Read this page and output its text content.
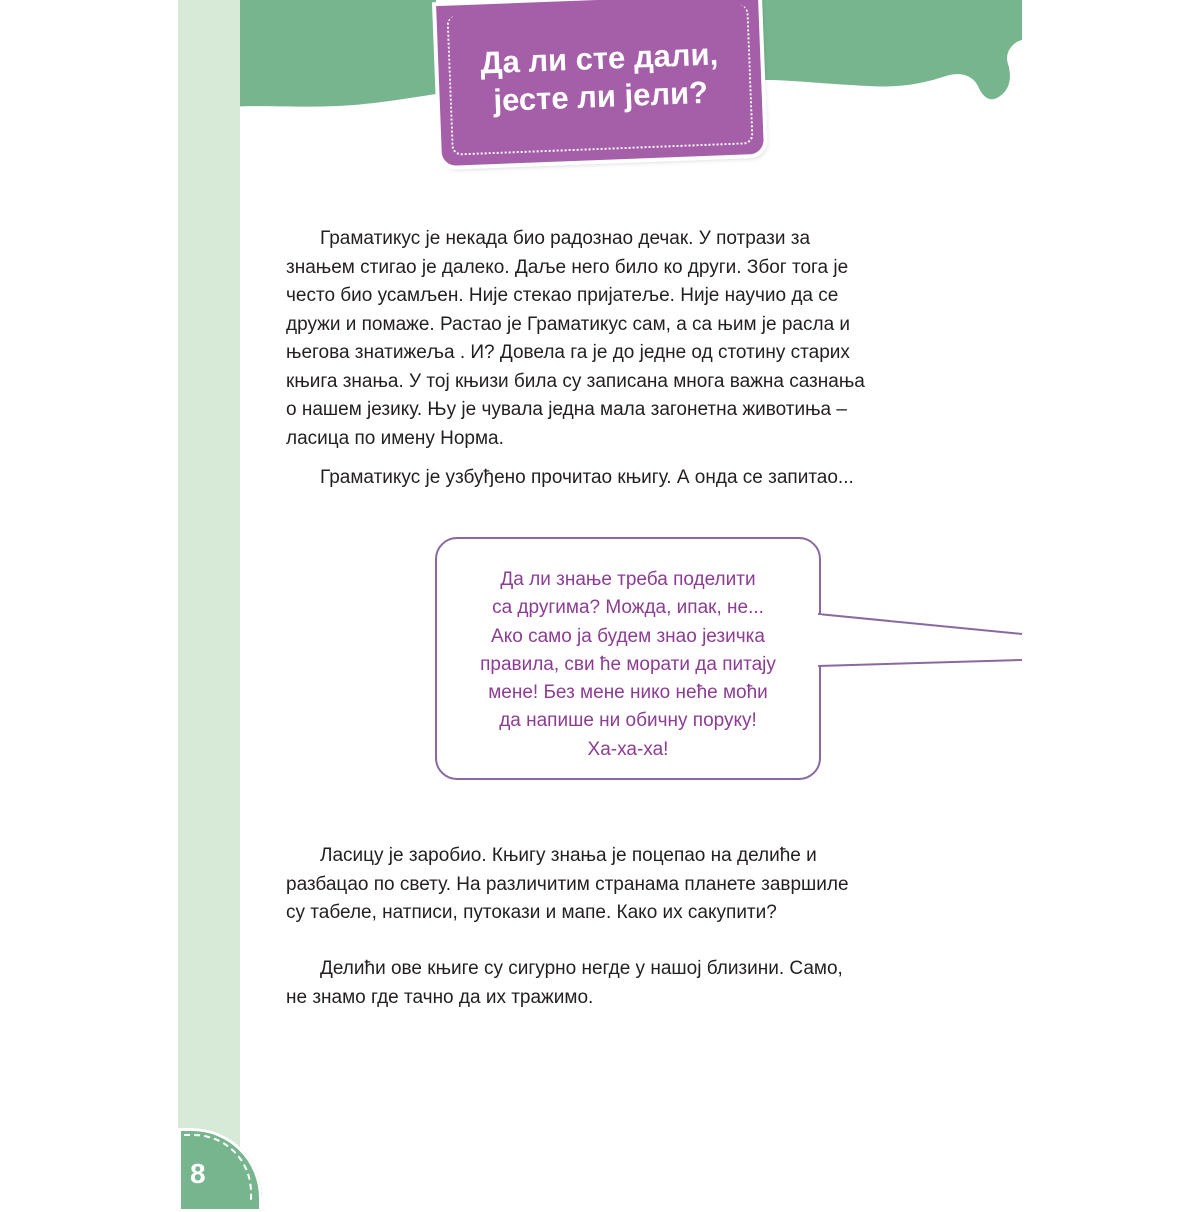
Да ли сте дали,
јесте ли јели?
Граматикус је некада био радознао дечак. У потрази за
знањем стигао је далеко. Даље него било ко други. Због тога је
често био усамљен. Није стекао пријатеље. Није научио да се
дружи и помаже. Растао је Граматикус сам, а са њим је расла и
његова знатижеља . И? Довела га је до једне од стотину старих
књига знања. У тој књизи била су записана многа важна сазнања
о нашем језику. Њу је чувала једна мала загонетна животиња –
ласица по имену Норма.
Граматикус је узбуђено прочитао књигу. А онда се запитао...
Да ли знање треба поделити
са другима? Можда, ипак, не...
Ако само ја будем знао језичка
правила, сви ће морати да питају
мене! Без мене нико неће моћи
да напише ни обичну поруку!
Ха-ха-ха!
Ласицу је заробио. Књигу знања је поцепао на делиће и
разбацао по свету. На различитим странама планете завршиле
су табеле, натписи, путокази и мапе. Како их сакупити?
Делићи ове књиге су сигурно негде у нашој близини. Само,
не знамо где тачно да их тражимо.
8
